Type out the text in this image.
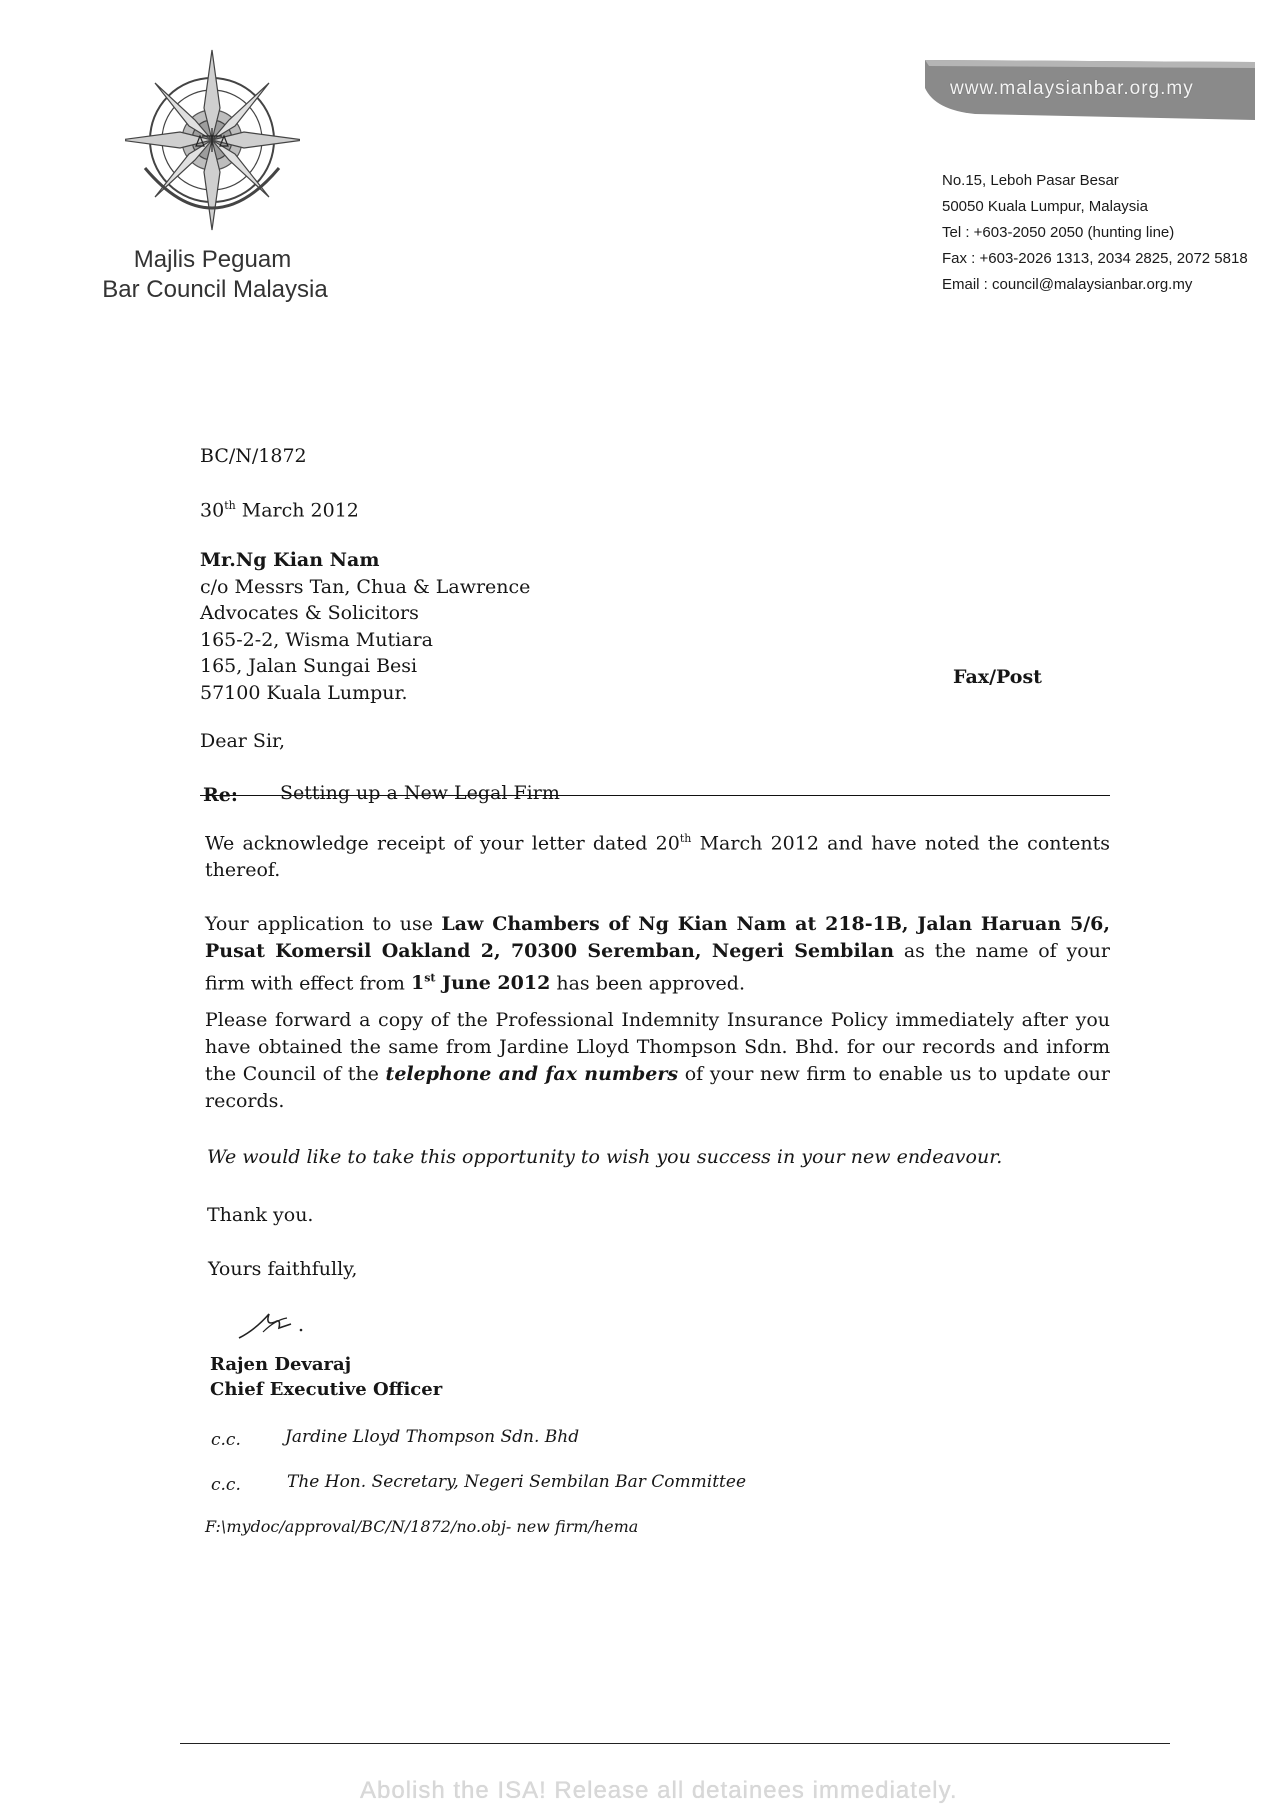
Majlis Peguam
Bar Council Malaysia
www.malaysianbar.org.my
No.15, Leboh Pasar Besar
50050 Kuala Lumpur, Malaysia
Tel : +603-2050 2050 (hunting line)
Fax : +603-2026 1313, 2034 2825, 2072 5818
Email : council@malaysianbar.org.my
BC/N/1872
30th March 2012
Mr.Ng Kian Nam
c/o Messrs Tan, Chua & Lawrence
Advocates & Solicitors
165-2-2, Wisma Mutiara
165, Jalan Sungai Besi
57100 Kuala Lumpur.
Fax/Post
Dear Sir,
Re: Setting up a New Legal Firm
We acknowledge receipt of your letter dated 20th March 2012 and have noted the contents thereof.
Your application to use Law Chambers of Ng Kian Nam at 218-1B, Jalan Haruan 5/6, Pusat Komersil Oakland 2, 70300 Seremban, Negeri Sembilan as the name of your firm with effect from 1st June 2012 has been approved.
Please forward a copy of the Professional Indemnity Insurance Policy immediately after you have obtained the same from Jardine Lloyd Thompson Sdn. Bhd. for our records and inform the Council of the telephone and fax numbers of your new firm to enable us to update our records.
We would like to take this opportunity to wish you success in your new endeavour.
Thank you.
Yours faithfully,
Rajen Devaraj
Chief Executive Officer
c.c.	Jardine Lloyd Thompson Sdn. Bhd
c.c.	The Hon. Secretary, Negeri Sembilan Bar Committee
F:\mydoc/approval/BC/N/1872/no.obj- new firm/hema
Abolish the ISA! Release all detainees immediately.
